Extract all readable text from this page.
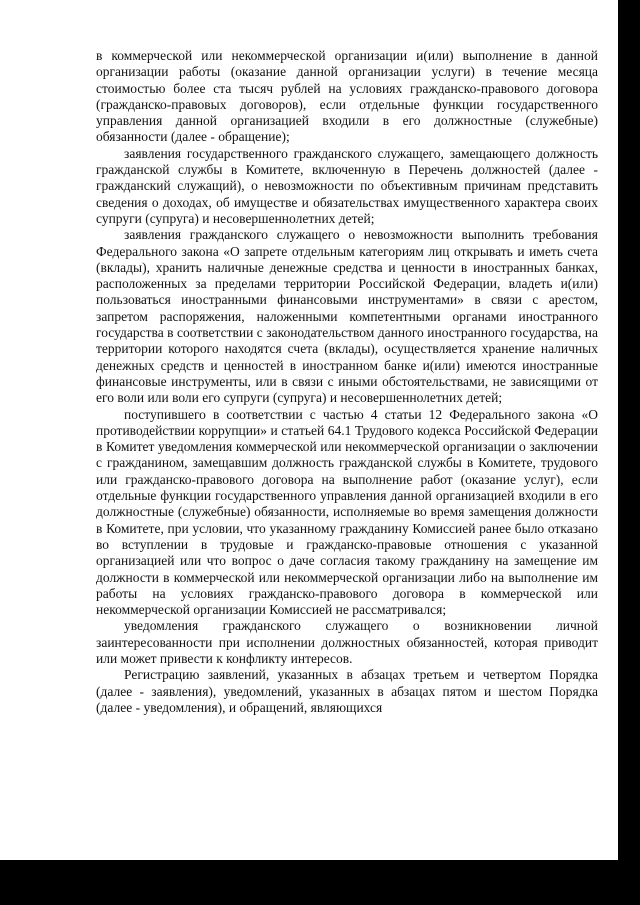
в коммерческой или некоммерческой организации и(или) выполнение в данной организации работы (оказание данной организации услуги) в течение месяца стоимостью более ста тысяч рублей на условиях гражданско-правового договора (гражданско-правовых договоров), если отдельные функции государственного управления данной организацией входили в его должностные (служебные) обязанности (далее - обращение);

заявления государственного гражданского служащего, замещающего должность гражданской службы в Комитете, включенную в Перечень должностей (далее - гражданский служащий), о невозможности по объективным причинам представить сведения о доходах, об имуществе и обязательствах имущественного характера своих супруги (супруга) и несовершеннолетних детей;

заявления гражданского служащего о невозможности выполнить требования Федерального закона «О запрете отдельным категориям лиц открывать и иметь счета (вклады), хранить наличные денежные средства и ценности в иностранных банках, расположенных за пределами территории Российской Федерации, владеть и(или) пользоваться иностранными финансовыми инструментами» в связи с арестом, запретом распоряжения, наложенными компетентными органами иностранного государства в соответствии с законодательством данного иностранного государства, на территории которого находятся счета (вклады), осуществляется хранение наличных денежных средств и ценностей в иностранном банке и(или) имеются иностранные финансовые инструменты, или в связи с иными обстоятельствами, не зависящими от его воли или воли его супруги (супруга) и несовершеннолетних детей;

поступившего в соответствии с частью 4 статьи 12 Федерального закона «О противодействии коррупции» и статьей 64.1 Трудового кодекса Российской Федерации в Комитет уведомления коммерческой или некоммерческой организации о заключении с гражданином, замещавшим должность гражданской службы в Комитете, трудового или гражданско-правового договора на выполнение работ (оказание услуг), если отдельные функции государственного управления данной организацией входили в его должностные (служебные) обязанности, исполняемые во время замещения должности в Комитете, при условии, что указанному гражданину Комиссией ранее было отказано во вступлении в трудовые и гражданско-правовые отношения с указанной организацией или что вопрос о даче согласия такому гражданину на замещение им должности в коммерческой или некоммерческой организации либо на выполнение им работы на условиях гражданско-правового договора в коммерческой или некоммерческой организации Комиссией не рассматривался;

уведомления гражданского служащего о возникновении личной заинтересованности при исполнении должностных обязанностей, которая приводит или может привести к конфликту интересов.

Регистрацию заявлений, указанных в абзацах третьем и четвертом Порядка (далее - заявления), уведомлений, указанных в абзацах пятом и шестом Порядка (далее - уведомления), и обращений, являющихся
